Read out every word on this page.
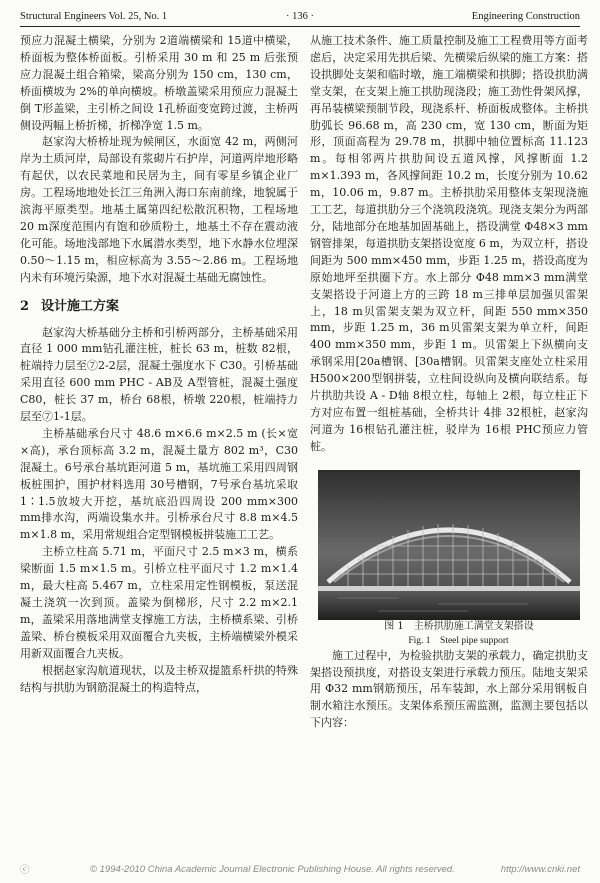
Structural Engineers Vol. 25, No. 1	· 136 ·	Engineering Construction

预应力混凝土横梁，分别为 2道端横梁和 15道中横梁，桥面板为整体桥面板。引桥采用 30 m 和 25 m 后张预应力混凝土组合箱梁，梁高分别为 150 cm，130 cm，桥面横坡为 2%的单向横坡。桥墩盖梁采用预应力混凝土倒 T形盖梁，主引桥之间设 1孔桥面变宽跨过渡，主桥两侧设两幅上桥折梯，折梯净宽 1.5 m。

赵家沟大桥桥址现为候闸区，水面宽 42 m，两侧河岸为土质河岸，局部设有浆砌片石护岸，河道两岸地形略有起伏，以农民菜地和民居为主，间有零星乡镇企业厂房。工程场地地处长江三角洲入海口东南前缘，地貌属于滨海平原类型。地基土属第四纪松散沉积物，工程场地 20 m深度范围内有饱和砂质粉土，地基土不存在震动液化可能。场地浅部地下水属潜水类型，地下水静水位埋深 0.50～1.15 m，相应标高为 3.55～2.86 m。工程场地内未有环境污染源，地下水对混凝土基础无腐蚀性。

2 设计施工方案

赵家沟大桥基础分主桥和引桥两部分，主桥基础采用直径 1 000 mm钻孔灌注桩，桩长 63 m，桩数 82根，桩端持力层至⑦2-2层，混凝土强度水下 C30。引桥基础采用直径 600 mm PHC - AB及 A型管桩，混凝土强度 C80，桩长 37 m，桥台 68根，桥墩 220根，桩端持力层至⑦1-1层。

主桥基础承台尺寸 48.6 m×6.6 m×2.5 m (长×宽×高)，承台顶标高 3.2 m，混凝土量方 802 m³，C30混凝土。6号承台基坑距河道 5 m，基坑施工采用四周钢板桩围护，围护材料选用 30号槽钢，7号承台基坑采取 1∶1.5放坡大开挖，基坑底沿四周设 200 mm×300 mm排水沟，两端设集水井。引桥承台尺寸 8.8 m×4.5 m×1.8 m，采用常规组合定型钢模板拼装施工工艺。

主桥立柱高 5.71 m，平面尺寸 2.5 m×3 m，横系梁断面 1.5 m×1.5 m。引桥立柱平面尺寸 1.2 m×1.4 m，最大柱高 5.467 m，立柱采用定性钢模板，泵送混凝土浇筑一次到顶。盖梁为倒梯形，尺寸 2.2 m×2.1 m，盖梁采用落地满堂支撑施工方法，主桥横系梁、引桥盖梁、桥台模板采用双面覆合九夹板，主桥端横梁外模采用新双面覆合九夹板。

根据赵家沟航道现状，以及主桥双提篮系杆拱的特殊结构与拱肋为钢筋混凝土的构造特点，

从施工技术条件、施工质量控制及施工工程费用等方面考虑后，决定采用先拱后梁、先横梁后纵梁的施工方案：搭设拱脚处支架和临时墩，施工端横梁和拱脚；搭设拱肋满堂支架，在支架上施工拱肋现浇段；施工劲性骨架风撑，再吊装横梁预制节段，现浇系杆、桥面板成整体。主桥拱肋弧长 96.68 m，高 230 cm，宽 130 cm，断面为矩形，顶面高程为 29.78 m，拱脚中轴位置标高 11.123 m。每相邻两片拱肋间设五道风撑，风撑断面 1.2 m×1.393 m，各风撑间距 10.2 m，长度分别为 10.62 m，10.06 m，9.87 m。主桥拱肋采用整体支架现浇施工工艺，每道拱肋分三个浇筑段浇筑。现浇支架分为两部分，陆地部分在地基加固基础上，搭设满堂 Φ48×3 mm钢管排架，每道拱肋支架搭设宽度 6 m，为双立杆，搭设间距为 500 mm×450 mm，步距 1.25 m，搭设高度为原始地坪至拱圈下方。水上部分 Φ48 mm×3 mm满堂支架搭设于河道上方的三跨 18 m三排单层加强贝雷架上，18 m贝雷架支架为双立杆，间距 550 mm×350 mm，步距 1.25 m，36 m贝雷架支架为单立杆，间距 400 mm×350 mm，步距 1 m。贝雷架上下纵横向支承钢采用[20a槽钢、[30a槽钢。贝雷架支座处立柱采用 H500×200型钢拼装，立柱间设纵向及横向联结系。每片拱肋共设 A - D轴 8根立柱，每轴上 2根，每立柱正下方对应布置一组桩基础，全桥共计 4排 32根桩，赵家沟河道为 16根钻孔灌注桩，驳岸为 16根 PHC预应力管桩。

图 1　主桥拱肋施工满堂支架搭设

Fig. 1　Steel pipe support

施工过程中，为检验拱肋支架的承载力，确定拱肋支架搭设预拱度，对搭设支架进行承载力预压。陆地支架采用 Φ32 mm钢筋预压，吊车装卸，水上部分采用钢板自制水箱注水预压。支架体系预压需监测，监测主要包括以下内容：

ⓒ	© 1994-2010 China Academic Journal Electronic Publishing House. All rights reserved.	http://www.cnki.net
